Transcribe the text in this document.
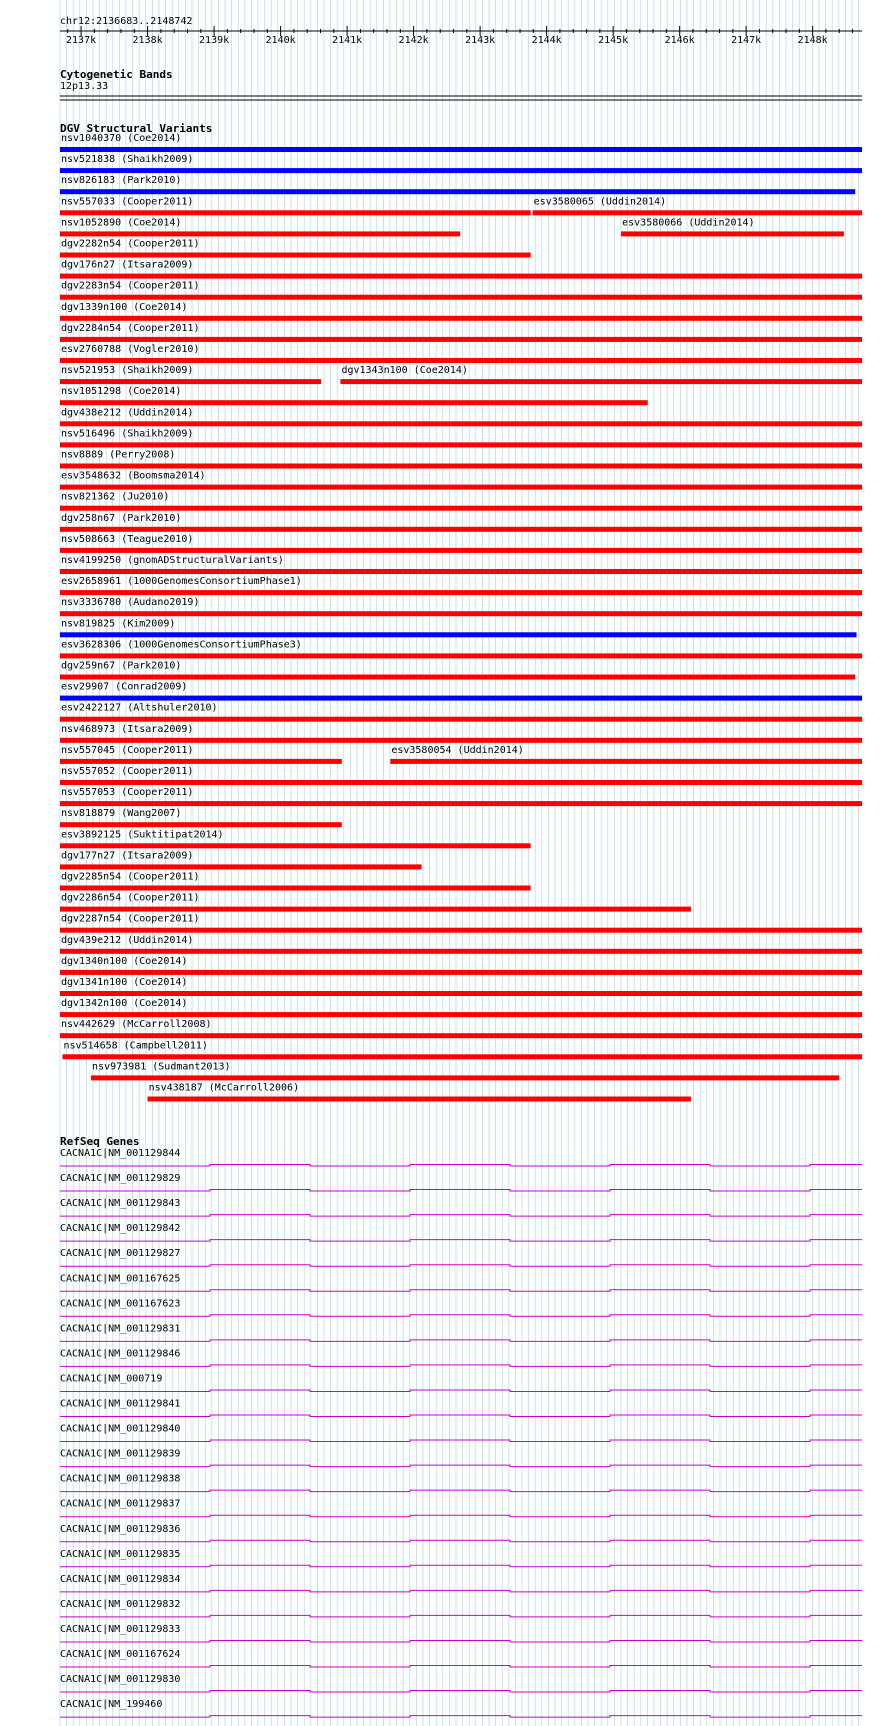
chr12:2136683..2148742
2137k	2138k	2139k	2140k	2141k	2142k	2143k	2144k	2145k	2146k	2147k	2148k
Cytogenetic Bands
12p13.33
DGV Structural Variants
nsv1040370 (Coe2014)
nsv521838 (Shaikh2009)
nsv826183 (Park2010)
nsv557033 (Cooper2011)	esv3580065 (Uddin2014)
nsv1052890 (Coe2014)	esv3580066 (Uddin2014)
dgv2282n54 (Cooper2011)
dgv176n27 (Itsara2009)
dgv2283n54 (Cooper2011)
dgv1339n100 (Coe2014)
dgv2284n54 (Cooper2011)
esv2760788 (Vogler2010)
nsv521953 (Shaikh2009)	dgv1343n100 (Coe2014)
nsv1051298 (Coe2014)
dgv438e212 (Uddin2014)
nsv516496 (Shaikh2009)
nsv8889 (Perry2008)
esv3548632 (Boomsma2014)
nsv821362 (Ju2010)
dgv258n67 (Park2010)
nsv508663 (Teague2010)
nsv4199250 (gnomADStructuralVariants)
esv2658961 (1000GenomesConsortiumPhase1)
nsv3336780 (Audano2019)
nsv819825 (Kim2009)
esv3628306 (1000GenomesConsortiumPhase3)
dgv259n67 (Park2010)
esv29907 (Conrad2009)
esv2422127 (Altshuler2010)
nsv468973 (Itsara2009)
nsv557045 (Cooper2011)	esv3580054 (Uddin2014)
nsv557052 (Cooper2011)
nsv557053 (Cooper2011)
nsv818879 (Wang2007)
esv3892125 (Suktitipat2014)
dgv177n27 (Itsara2009)
dgv2285n54 (Cooper2011)
dgv2286n54 (Cooper2011)
dgv2287n54 (Cooper2011)
dgv439e212 (Uddin2014)
dgv1340n100 (Coe2014)
dgv1341n100 (Coe2014)
dgv1342n100 (Coe2014)
nsv442629 (McCarroll2008)
nsv514658 (Campbell2011)
nsv973981 (Sudmant2013)
nsv438187 (McCarroll2006)
RefSeq Genes
CACNA1C|NM_001129844
CACNA1C|NM_001129829
CACNA1C|NM_001129843
CACNA1C|NM_001129842
CACNA1C|NM_001129827
CACNA1C|NM_001167625
CACNA1C|NM_001167623
CACNA1C|NM_001129831
CACNA1C|NM_001129846
CACNA1C|NM_000719
CACNA1C|NM_001129841
CACNA1C|NM_001129840
CACNA1C|NM_001129839
CACNA1C|NM_001129838
CACNA1C|NM_001129837
CACNA1C|NM_001129836
CACNA1C|NM_001129835
CACNA1C|NM_001129834
CACNA1C|NM_001129832
CACNA1C|NM_001129833
CACNA1C|NM_001167624
CACNA1C|NM_001129830
CACNA1C|NM_199460
